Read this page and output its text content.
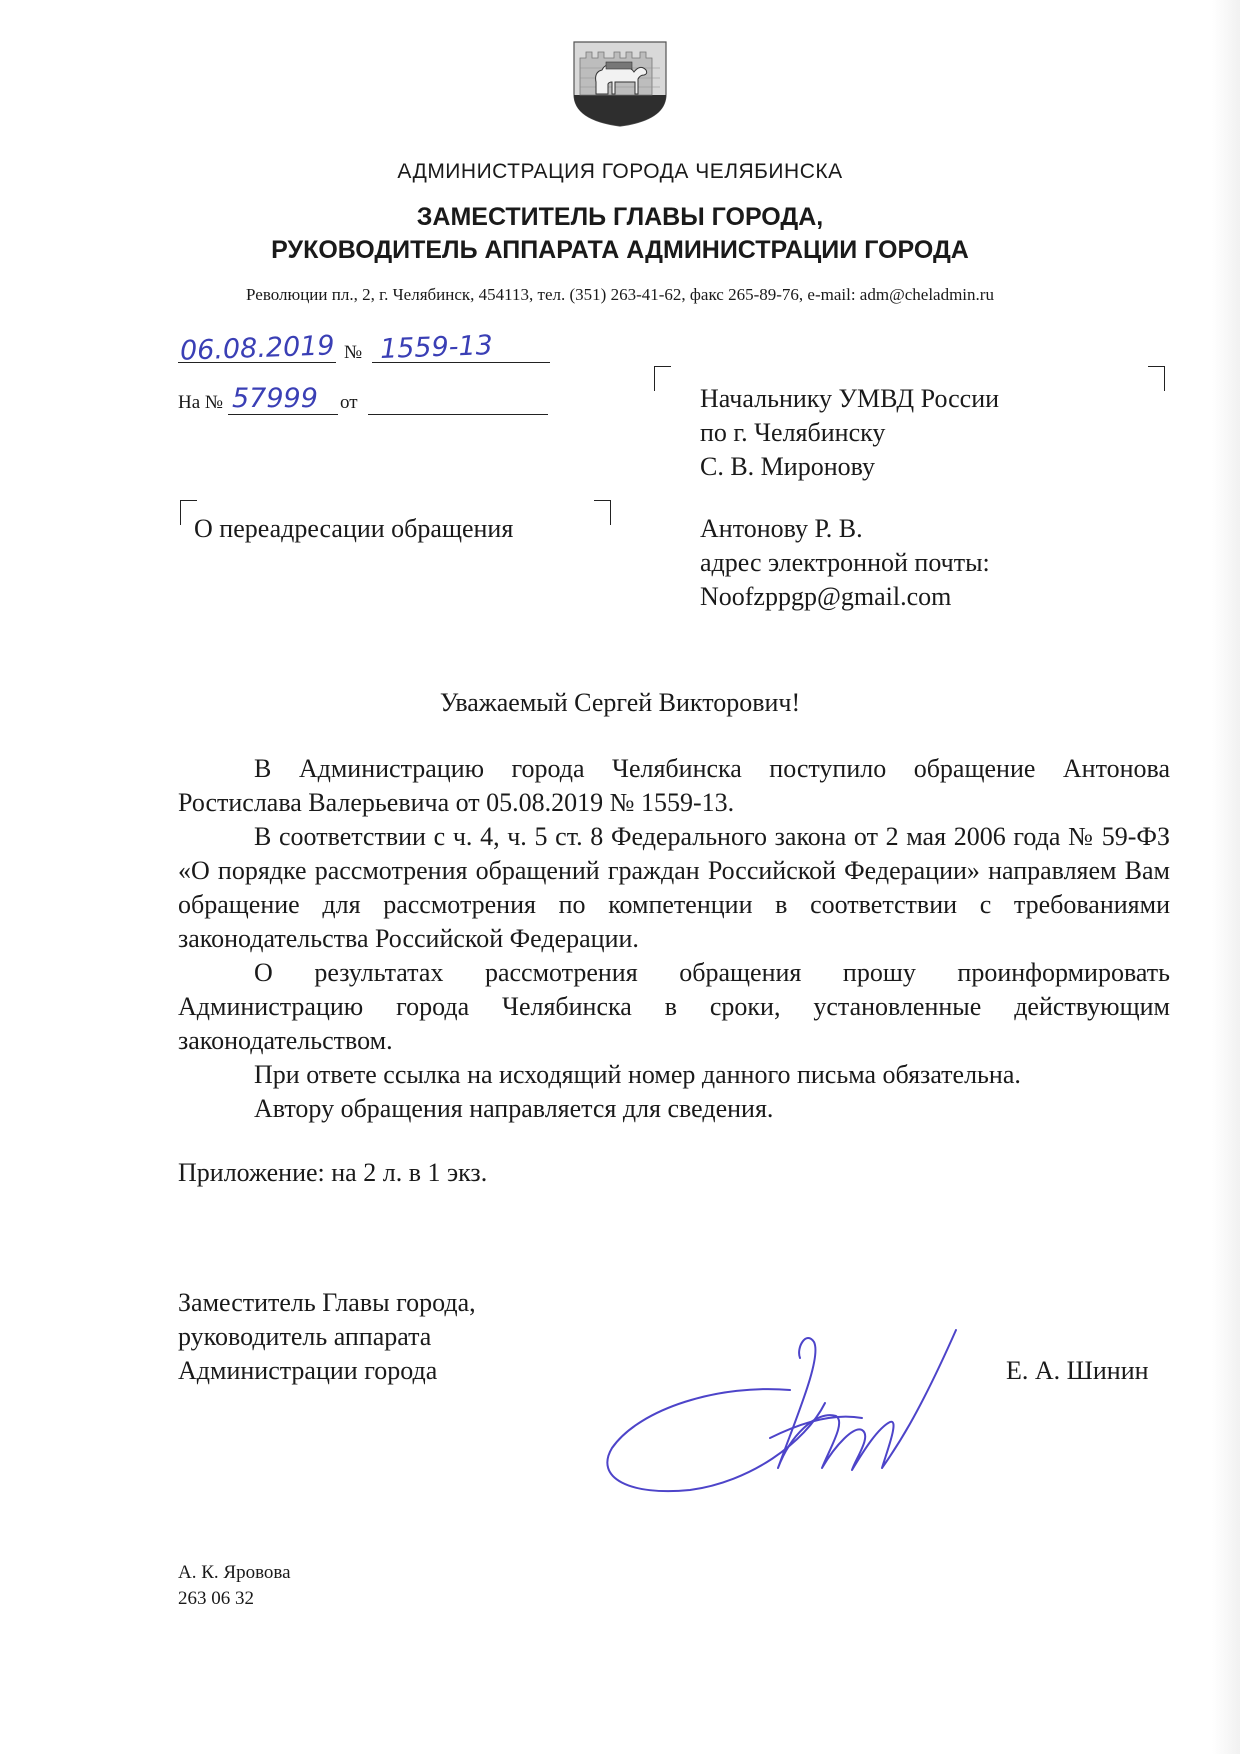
АДМИНИСТРАЦИЯ ГОРОДА ЧЕЛЯБИНСКА
ЗАМЕСТИТЕЛЬ ГЛАВЫ ГОРОДА,
РУКОВОДИТЕЛЬ АППАРАТА АДМИНИСТРАЦИИ ГОРОДА
Революции пл., 2, г. Челябинск, 454113, тел. (351) 263-41-62, факс 265-89-76, e-mail: adm@cheladmin.ru
06.08.2019 № 1559-13
На № 57999 от	Начальнику УМВД России
по г. Челябинску
С. В. Миронову
Антонову Р. В.
адрес электронной почты:
Noofzppgp@gmail.com
О переадресации обращения
Уважаемый Сергей Викторович!

В Администрацию города Челябинска поступило обращение Антонова Ростислава Валерьевича от 05.08.2019 № 1559-13.

В соответствии с ч. 4, ч. 5 ст. 8 Федерального закона от 2 мая 2006 года № 59-ФЗ «О порядке рассмотрения обращений граждан Российской Федерации» направляем Вам обращение для рассмотрения по компетенции в соответствии с требованиями законодательства Российской Федерации.

О результатах рассмотрения обращения прошу проинформировать Администрацию города Челябинска в сроки, установленные действующим законодательством.

При ответе ссылка на исходящий номер данного письма обязательна.

Автору обращения направляется для сведения.

Приложение: на 2 л. в 1 экз.
Заместитель Главы города,
руководитель аппарата
Администрации города	Е. А. Шинин
А. К. Яровова
263 06 32
